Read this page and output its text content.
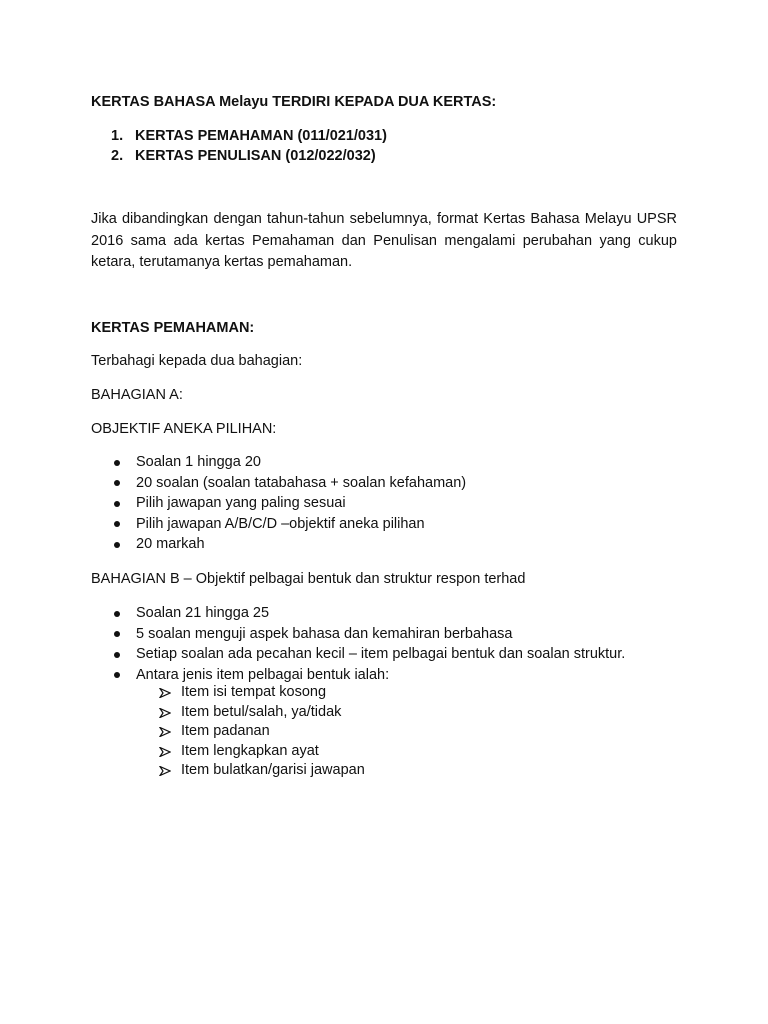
KERTAS BAHASA Melayu TERDIRI KEPADA DUA KERTAS:
1. KERTAS PEMAHAMAN (011/021/031)
2. KERTAS PENULISAN (012/022/032)

Jika dibandingkan dengan tahun-tahun sebelumnya, format Kertas Bahasa Melayu UPSR 2016 sama ada kertas Pemahaman dan Penulisan mengalami perubahan yang cukup ketara, terutamanya kertas pemahaman.

KERTAS PEMAHAMAN:
Terbahagi kepada dua bahagian:
BAHAGIAN A:
OBJEKTIF ANEKA PILIHAN:
Soalan 1 hingga 20
20 soalan (soalan tatabahasa + soalan kefahaman)
Pilih jawapan yang paling sesuai
Pilih jawapan A/B/C/D –objektif aneka pilihan
20 markah
BAHAGIAN B – Objektif pelbagai bentuk dan struktur respon terhad
Soalan 21 hingga 25
5 soalan menguji aspek bahasa dan kemahiran berbahasa
Setiap soalan ada pecahan kecil – item pelbagai bentuk dan soalan struktur.
Antara jenis item pelbagai bentuk ialah:
Item isi tempat kosong
Item betul/salah, ya/tidak
Item padanan
Item lengkapkan ayat
Item bulatkan/garisi jawapan
